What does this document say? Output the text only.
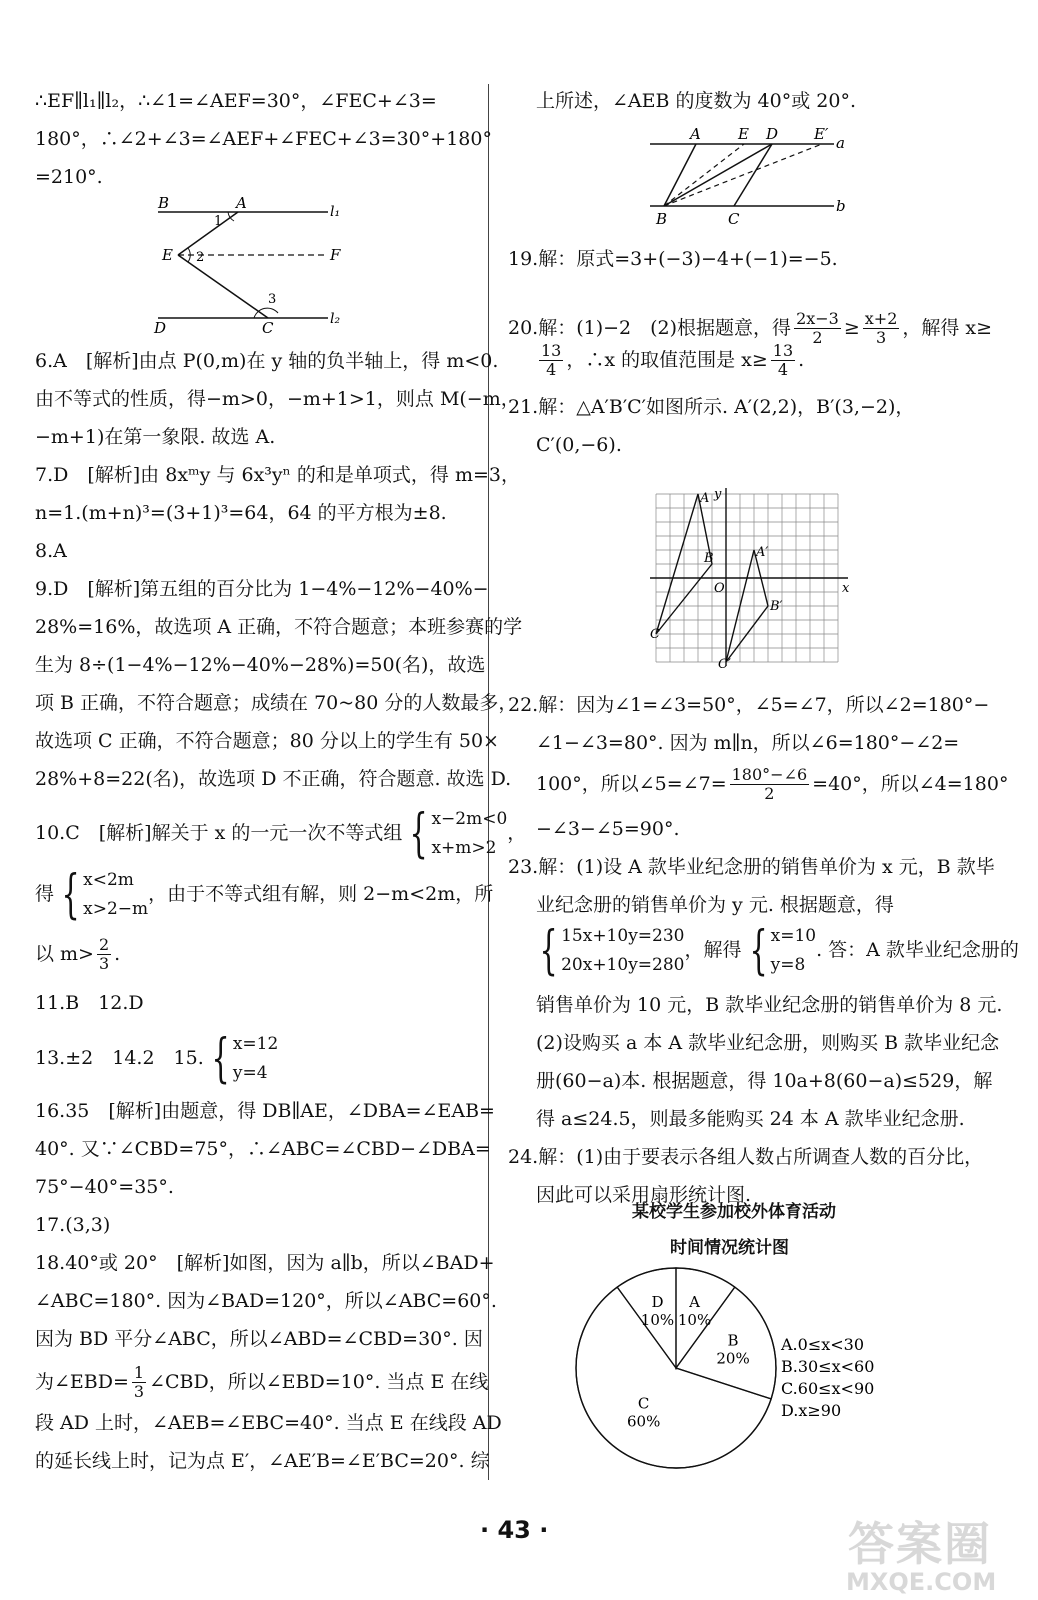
∴EF∥l₁∥l₂，∴∠1=∠AEF=30°，∠FEC+∠3=
180°，∴∠2+∠3=∠AEF+∠FEC+∠3=30°+180°
=210°.
B	A	l₁
1
E 2	F
3
D	C	l₂
6.A　[解析]由点 P(0,m)在 y 轴的负半轴上，得 m<0.
由不等式的性质，得−m>0，−m+1>1，则点 M(−m，
−m+1)在第一象限. 故选 A.
7.D　[解析]由 8xᵐy 与 6x³yⁿ 的和是单项式，得 m=3，
n=1.(m+n)³=(3+1)³=64，64 的平方根为±8.
8.A
9.D　[解析]第五组的百分比为 1−4%−12%−40%−
28%=16%，故选项 A 正确，不符合题意；本班参赛的学
生为 8÷(1−4%−12%−40%−28%)=50(名)，故选
项 B 正确，不符合题意；成绩在 70~80 分的人数最多，
故选项 C 正确，不符合题意；80 分以上的学生有 50×
28%+8=22(名)，故选项 D 不正确，符合题意. 故选 D.
10.C　[解析]解关于 x 的一元一次不等式组 { x−2m<0
x+m>2
，
得 { x<2m
x>2−m
，由于不等式组有解，则 2−m<2m，所
以 $m> \frac{2}{3}$ .
11.B　12.D
13.±2　14.2　15. { x=12
y=4
16.35　[解析]由题意，得 DB∥AE，∠DBA=∠EAB=
40°. 又∵∠CBD=75°，∴∠ABC=∠CBD−∠DBA=
75°−40°=35°.
17.(3,3)
18.40°或 20°　[解析]如图，因为 a∥b，所以∠BAD+
∠ABC=180°. 因为∠BAD=120°，所以∠ABC=60°.
因为 BD 平分∠ABC，所以∠ABD=∠CBD=30°. 因
为∠EBD= $\frac{1}{3}$ ∠CBD，所以∠EBD=10°. 当点 E 在线
段 AD 上时，∠AEB=∠EBC=40°. 当点 E 在线段 AD
的延长线上时，记为点 E′，∠AE′B=∠E′BC=20°. 综
上所述，∠AEB 的度数为 40°或 20°.
A E D E′ a
B	C
b
19.解：原式=3+(−3)−4+(−1)=−5.
20.解：(1)−2　(2)根据题意，得 $\frac{2x-3}{2} \ge \frac{x+2}{3}$ ，解得 x≥
$\frac{13}{4}$ ，∴x 的取值范围是 $x\ge \frac{13}{4}$ .
21.解：△A′B′C′如图所示. A′(2,2)，B′(3,−2)，
C′(0,−6).
y
x
O
A
B
C
A′
B′
C′
22.解：因为∠1=∠3=50°，∠5=∠7，所以∠2=180°−
∠1−∠3=80°. 因为 m∥n，所以∠6=180°−∠2=
100°，所以∠5=∠7= $\frac{180^\circ-\angle 6}{2} =40^\circ$，所以∠4=180°
−∠3−∠5=90°.
23.解：(1)设 A 款毕业纪念册的销售单价为 x 元，B 款毕
业纪念册的销售单价为 y 元. 根据题意，得
{ 15x+10y=230
20x+10y=280
，解得 { x=10
y=8
. 答：A 款毕业纪念册的
销售单价为 10 元，B 款毕业纪念册的销售单价为 8 元.
(2)设购买 a 本 A 款毕业纪念册，则购买 B 款毕业纪念
册(60−a)本. 根据题意，得 10a+8(60−a)≤529，解
得 a≤24.5，则最多能购买 24 本 A 款毕业纪念册.
24.解：(1)由于要表示各组人数占所调查人数的百分比，
因此可以采用扇形统计图.
某校学生参加校外体育活动
时间情况统计图
A
10%
B
20%
C
60%
D
10%
A.0≤x<30
B.30≤x<60
C.60≤x<90
D.x≥90
· 43 ·	答案圈
MXQE.COM
